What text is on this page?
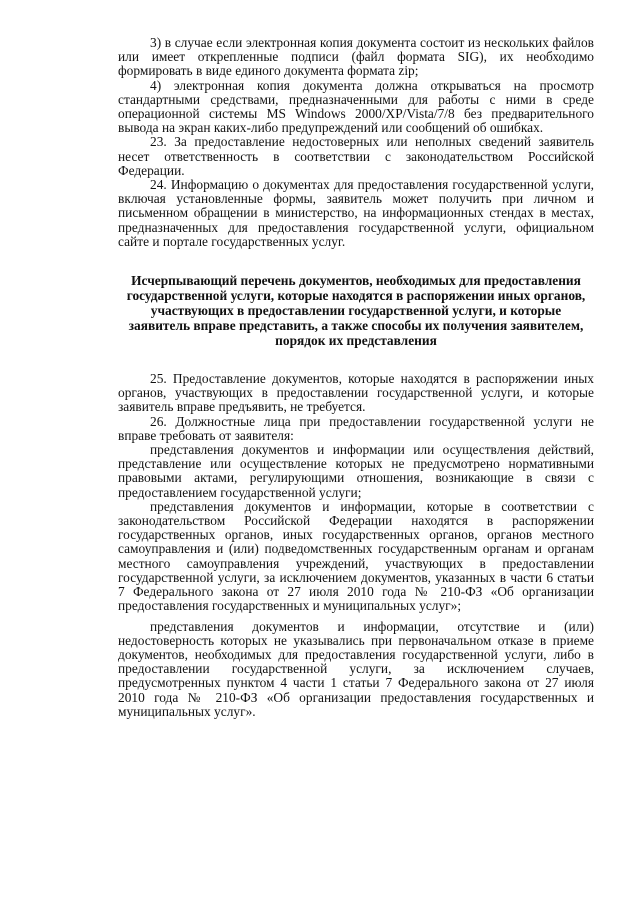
3) в случае если электронная копия документа состоит из нескольких файлов или имеет открепленные подписи (файл формата SIG), их необходимо формировать в виде единого документа формата zip;

4) электронная копия документа должна открываться на просмотр стандартными средствами, предназначенными для работы с ними в среде операционной системы MS Windows 2000/XP/Vista/7/8 без предварительного вывода на экран каких-либо предупреждений или сообщений об ошибках.

23. За предоставление недостоверных или неполных сведений заявитель несет ответственность в соответствии с законодательством Российской Федерации.

24. Информацию о документах для предоставления государственной услуги, включая установленные формы, заявитель может получить при личном и письменном обращении в министерство, на информационных стендах в местах, предназначенных для предоставления государственной услуги, официальном сайте и портале государственных услуг.

Исчерпывающий перечень документов, необходимых для предоставления государственной услуги, которые находятся в распоряжении иных органов, участвующих в предоставлении государственной услуги, и которые заявитель вправе представить, а также способы их получения заявителем, порядок их представления

25. Предоставление документов, которые находятся в распоряжении иных органов, участвующих в предоставлении государственной услуги, и которые заявитель вправе предъявить, не требуется.

26. Должностные лица при предоставлении государственной услуги не вправе требовать от заявителя:

представления документов и информации или осуществления действий, представление или осуществление которых не предусмотрено нормативными правовыми актами, регулирующими отношения, возникающие в связи с предоставлением государственной услуги;

представления документов и информации, которые в соответствии с законодательством Российской Федерации находятся в распоряжении государственных органов, иных государственных органов, органов местного самоуправления и (или) подведомственных государственным органам и органам местного самоуправления учреждений, участвующих в предоставлении государственной услуги, за исключением документов, указанных в части 6 статьи 7 Федерального закона от 27 июля 2010 года № 210-ФЗ «Об организации предоставления государственных и муниципальных услуг»;

представления документов и информации, отсутствие и (или) недостоверность которых не указывались при первоначальном отказе в приеме документов, необходимых для предоставления государственной услуги, либо в предоставлении государственной услуги, за исключением случаев, предусмотренных пунктом 4 части 1 статьи 7 Федерального закона от 27 июля 2010 года № 210-ФЗ «Об организации предоставления государственных и муниципальных услуг».
